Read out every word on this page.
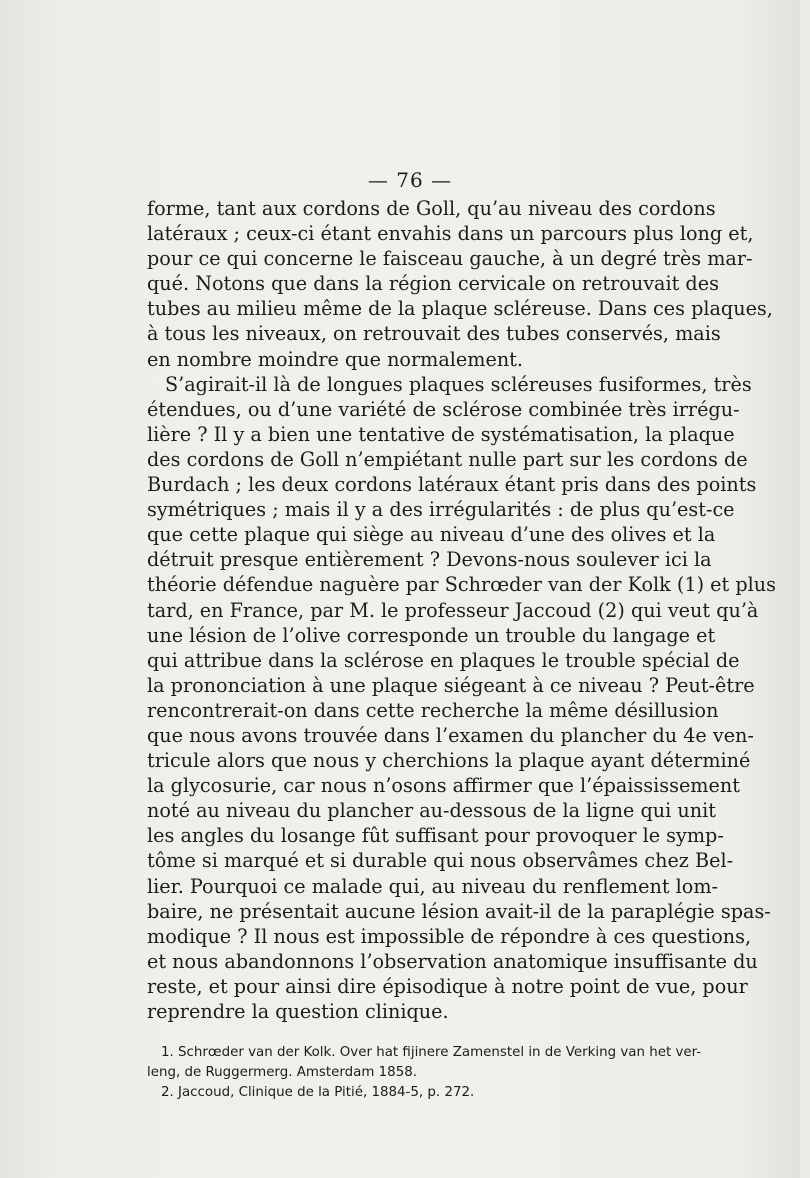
— 76 —
forme, tant aux cordons de Goll, qu’au niveau des cordons
latéraux ; ceux-ci étant envahis dans un parcours plus long et,
pour ce qui concerne le faisceau gauche, à un degré très mar-
qué. Notons que dans la région cervicale on retrouvait des
tubes au milieu même de la plaque scléreuse. Dans ces plaques,
à tous les niveaux, on retrouvait des tubes conservés, mais
en nombre moindre que normalement.
S’agirait-il là de longues plaques scléreuses fusiformes, très
étendues, ou d’une variété de sclérose combinée très irrégu-
lière ? Il y a bien une tentative de systématisation, la plaque
des cordons de Goll n’empiétant nulle part sur les cordons de
Burdach ; les deux cordons latéraux étant pris dans des points
symétriques ; mais il y a des irrégularités : de plus qu’est-ce
que cette plaque qui siège au niveau d’une des olives et la
détruit presque entièrement ? Devons-nous soulever ici la
théorie défendue naguère par Schrœder van der Kolk (1) et plus
tard, en France, par M. le professeur Jaccoud (2) qui veut qu’à
une lésion de l’olive corresponde un trouble du langage et
qui attribue dans la sclérose en plaques le trouble spécial de
la prononciation à une plaque siégeant à ce niveau ? Peut-être
rencontrerait-on dans cette recherche la même désillusion
que nous avons trouvée dans l’examen du plancher du 4e ven-
tricule alors que nous y cherchions la plaque ayant déterminé
la glycosurie, car nous n’osons affirmer que l’épaississement
noté au niveau du plancher au-dessous de la ligne qui unit
les angles du losange fût suffisant pour provoquer le symp-
tôme si marqué et si durable qui nous observâmes chez Bel-
lier. Pourquoi ce malade qui, au niveau du renflement lom-
baire, ne présentait aucune lésion avait-il de la paraplégie spas-
modique ? Il nous est impossible de répondre à ces questions,
et nous abandonnons l’observation anatomique insuffisante du
reste, et pour ainsi dire épisodique à notre point de vue, pour
reprendre la question clinique.
1. Schrœder van der Kolk. Over hat fijinere Zamenstel in de Verking van het ver-
leng, de Ruggermerg. Amsterdam 1858.
2. Jaccoud, Clinique de la Pitié, 1884-5, p. 272.
